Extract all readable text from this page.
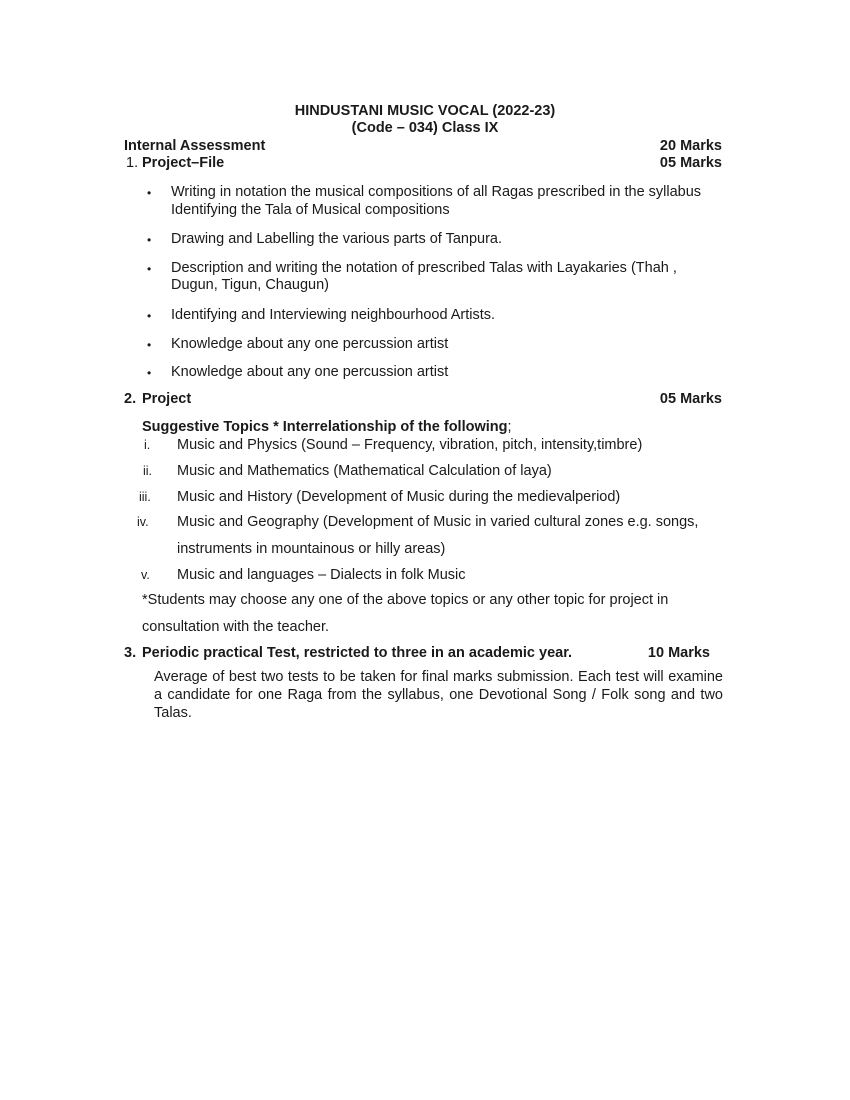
HINDUSTANI MUSIC VOCAL (2022-23)
(Code – 034) Class IX
Internal Assessment	20 Marks
1. Project–File	05 Marks
• Writing in notation the musical compositions of all Ragas prescribed in the syllabus
Identifying the Tala of Musical compositions
• Drawing and Labelling the various parts of Tanpura.
• Description and writing the notation of prescribed Talas with Layakaries (Thah ,
Dugun, Tigun, Chaugun)
• Identifying and Interviewing neighbourhood Artists.
• Knowledge about any one percussion artist
• Knowledge about any one percussion artist
2. Project	05 Marks
Suggestive Topics * Interrelationship of the following;
i. Music and Physics (Sound – Frequency, vibration, pitch, intensity,timbre)
ii. Music and Mathematics (Mathematical Calculation of laya)
iii. Music and History (Development of Music during the medievalperiod)
iv. Music and Geography (Development of Music in varied cultural zones e.g. songs,
instruments in mountainous or hilly areas)
v. Music and languages – Dialects in folk Music
*Students may choose any one of the above topics or any other topic for project in
consultation with the teacher.
3. Periodic practical Test, restricted to three in an academic year.	10 Marks
Average of best two tests to be taken for final marks submission. Each test will examine a candidate for one Raga from the syllabus, one Devotional Song / Folk song and two Talas.
